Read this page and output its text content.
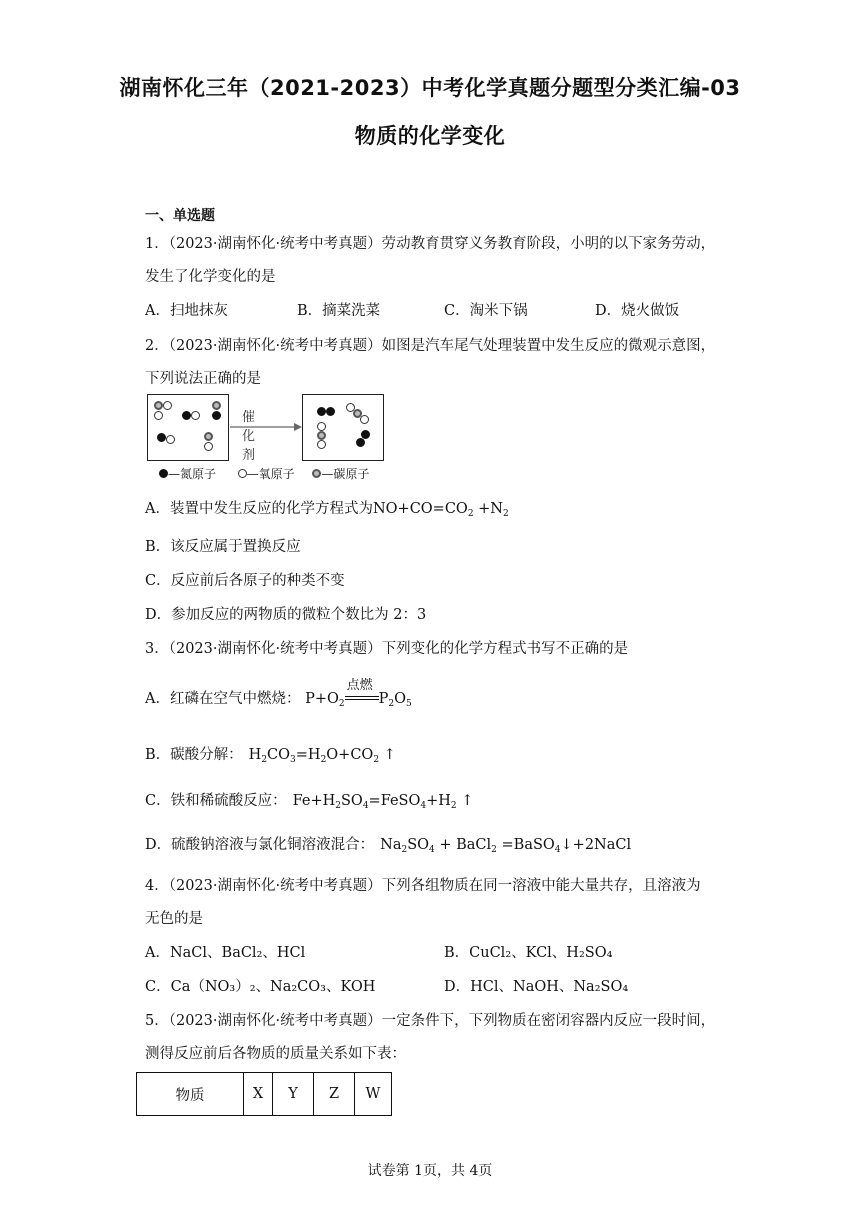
湖南怀化三年（2021-2023）中考化学真题分题型分类汇编-03
物质的化学变化
一、单选题
1．（2023·湖南怀化·统考中考真题）劳动教育贯穿义务教育阶段，小明的以下家务劳动，
发生了化学变化的是
A．扫地抹灰	B．摘菜洗菜	C．淘米下锅	D．烧火做饭
2．（2023·湖南怀化·统考中考真题）如图是汽车尾气处理装置中发生反应的微观示意图，
下列说法正确的是
催化剂
—氮原子	—氧原子 —碳原子
A．装置中发生反应的化学方程式为$NO+CO=CO_2 +N_2$
B．该反应属于置换反应
C．反应前后各原子的种类不变
D．参加反应的两物质的微粒个数比为 2：3
3．（2023·湖南怀化·统考中考真题）下列变化的化学方程式书写不正确的是
A．红磷在空气中燃烧： $P+O_2$
点燃
$P_2O_5$
B．碳酸分解： $H_2CO_3=H_2O+CO_2$ ↑
C．铁和稀硫酸反应： $Fe+H_2SO_4=FeSO_4+H_2$ ↑
D．硫酸钠溶液与氯化铜溶液混合： $Na_2SO_4$ + BaCl$_2$ =BaSO$_4$↓+2NaCl
4．（2023·湖南怀化·统考中考真题）下列各组物质在同一溶液中能大量共存，且溶液为
无色的是
A．NaCl、BaCl₂、HCl	B．CuCl₂、KCl、H₂SO₄
C．Ca（NO₃）₂、Na₂CO₃、KOH	D．HCl、NaOH、Na₂SO₄
5．（2023·湖南怀化·统考中考真题）一定条件下，下列物质在密闭容器内反应一段时间，
测得反应前后各物质的质量关系如下表：
物质	X	Y	Z	W
试卷第 1页，共 4页
